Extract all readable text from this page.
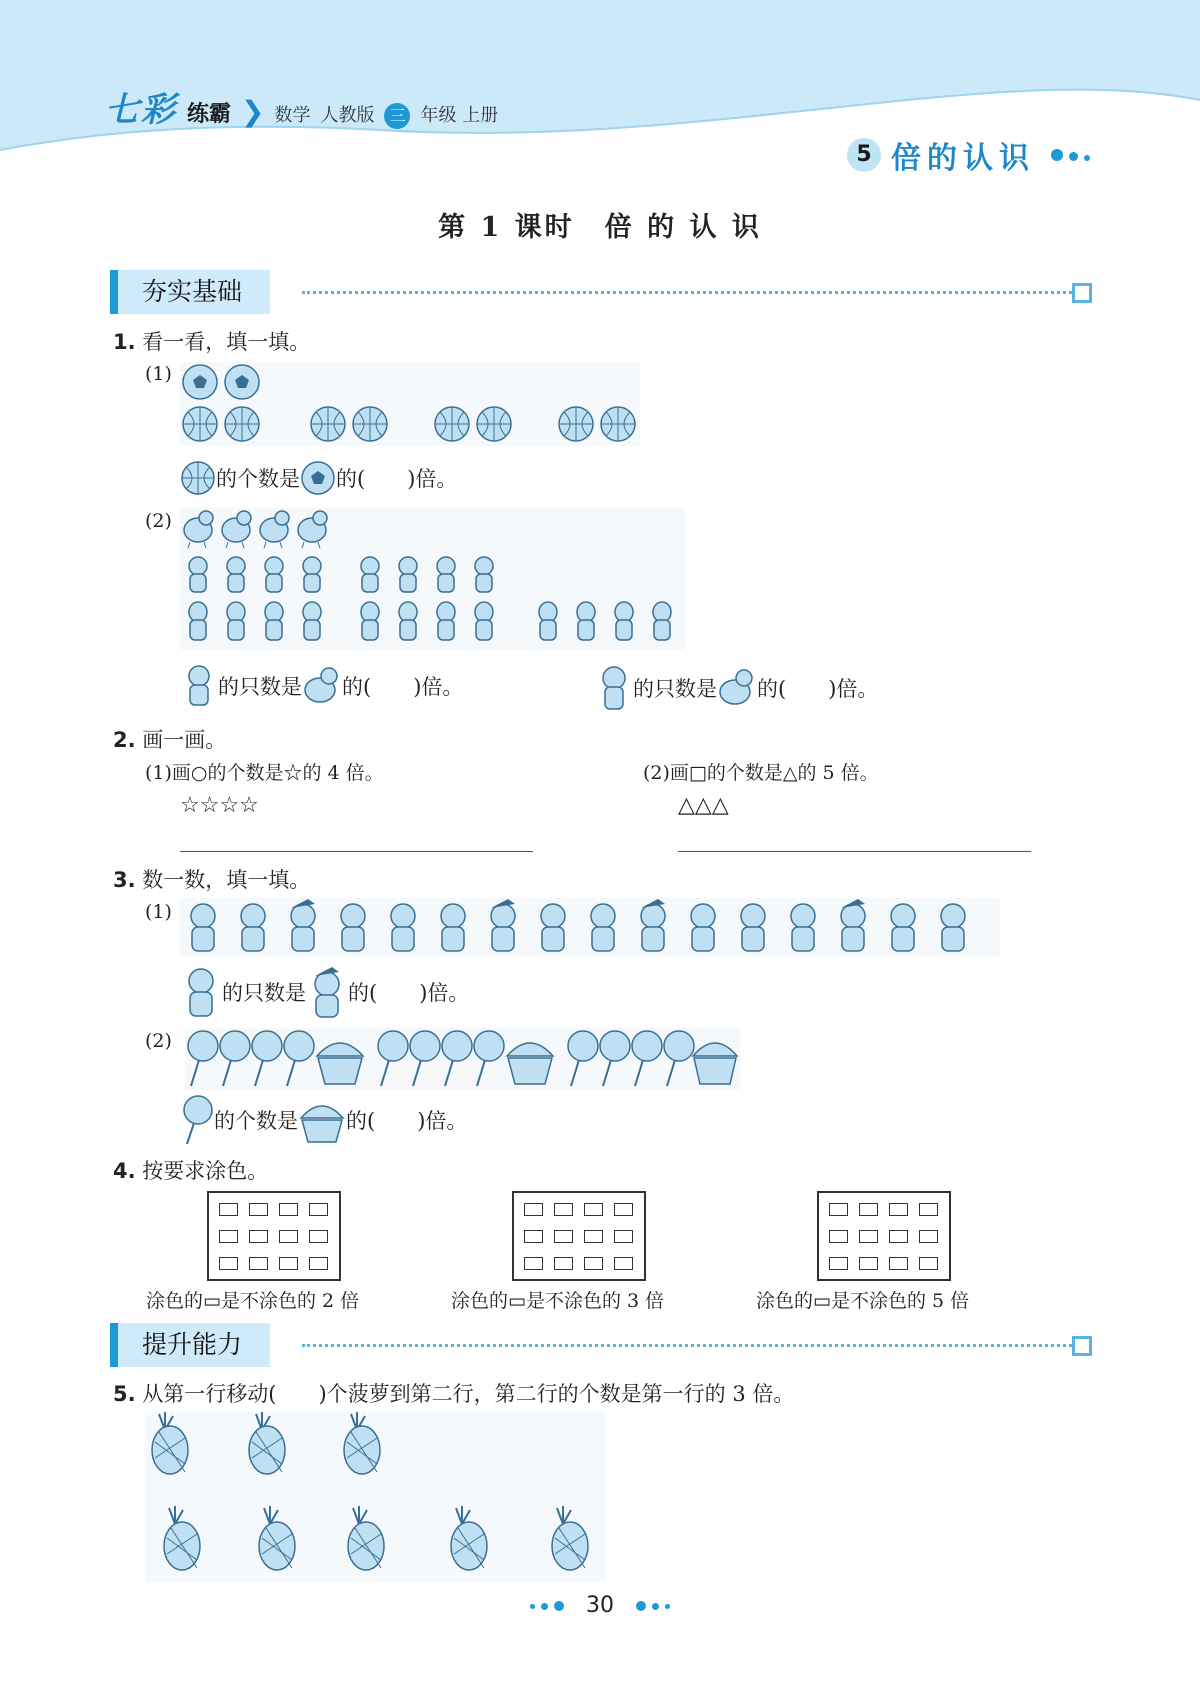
七彩 练霸 ❯ 数学 人教版 三 年级 上册
5 倍的认识
第 1 课时　倍 的 认 识
夯实基础
1. 看一看，填一填。
(1)
的个数是 的(　　)倍。
(2)
的只数是 的(　　)倍。	的只数是 的(　　)倍。
2. 画一画。
(1)画○的个数是☆的 4 倍。
☆☆☆☆
(2)画□的个数是△的 5 倍。
△△△
3. 数一数，填一填。
(1)
的只数是 的(　　)倍。
(2)
的个数是 的(　　)倍。
4. 按要求涂色。
涂色的▭是不涂色的 2 倍	涂色的▭是不涂色的 3 倍	涂色的▭是不涂色的 5 倍
提升能力
5. 从第一行移动(　　)个菠萝到第二行，第二行的个数是第一行的 3 倍。
30
